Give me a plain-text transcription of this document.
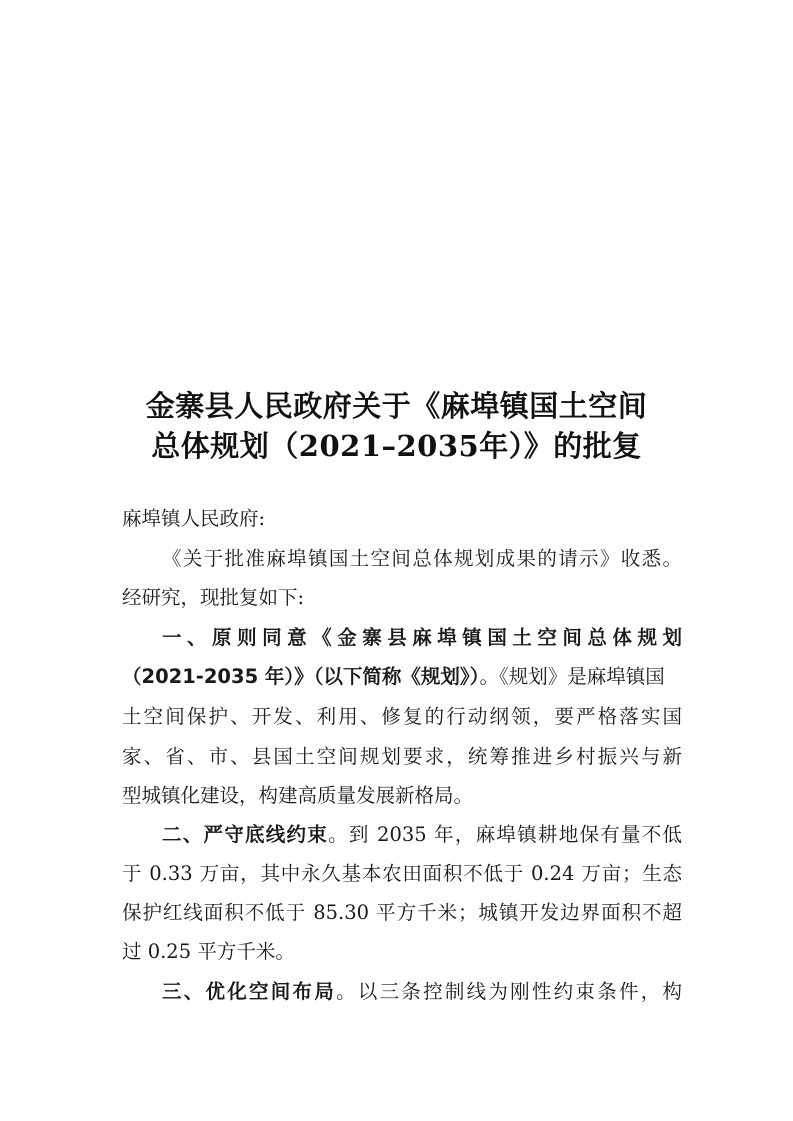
金寨县人民政府关于《麻埠镇国土空间
总体规划（2021–2035年）》的批复
麻埠镇人民政府:
《关于批准麻埠镇国土空间总体规划成果的请示》收悉。
经研究，现批复如下:
一、原则同意《金寨县麻埠镇国土空间总体规划
（2021-2035 年）》（以下简称《规划》）。《规划》是麻埠镇国
土空间保护、开发、利用、修复的行动纲领，要严格落实国
家、省、市、县国土空间规划要求，统筹推进乡村振兴与新
型城镇化建设，构建高质量发展新格局。
二、严守底线约束。到 2035 年，麻埠镇耕地保有量不低
于 0.33 万亩，其中永久基本农田面积不低于 0.24 万亩；生态
保护红线面积不低于 85.30 平方千米；城镇开发边界面积不超
过 0.25 平方千米。
三、优化空间布局。以三条控制线为刚性约束条件，构
